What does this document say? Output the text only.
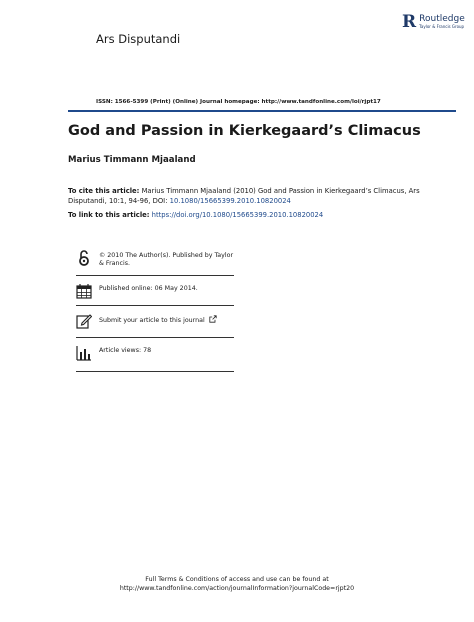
Ars Disputandi
R Routledge
Taylor & Francis Group
ISSN: 1566-5399 (Print) (Online) Journal homepage: http://www.tandfonline.com/loi/rjpt17
God and Passion in Kierkegaard’s Climacus
Marius Timmann Mjaaland
To cite this article: Marius Timmann Mjaaland (2010) God and Passion in Kierkegaard’s Climacus, Ars Disputandi, 10:1, 94-96, DOI: 10.1080/15665399.2010.10820024
To link to this article: https://doi.org/10.1080/15665399.2010.10820024
© 2010 The Author(s). Published by Taylor & Francis.
Published online: 06 May 2014.
Submit your article to this journal
Article views: 78
Full Terms & Conditions of access and use can be found at
http://www.tandfonline.com/action/journalInformation?journalCode=rjpt20
